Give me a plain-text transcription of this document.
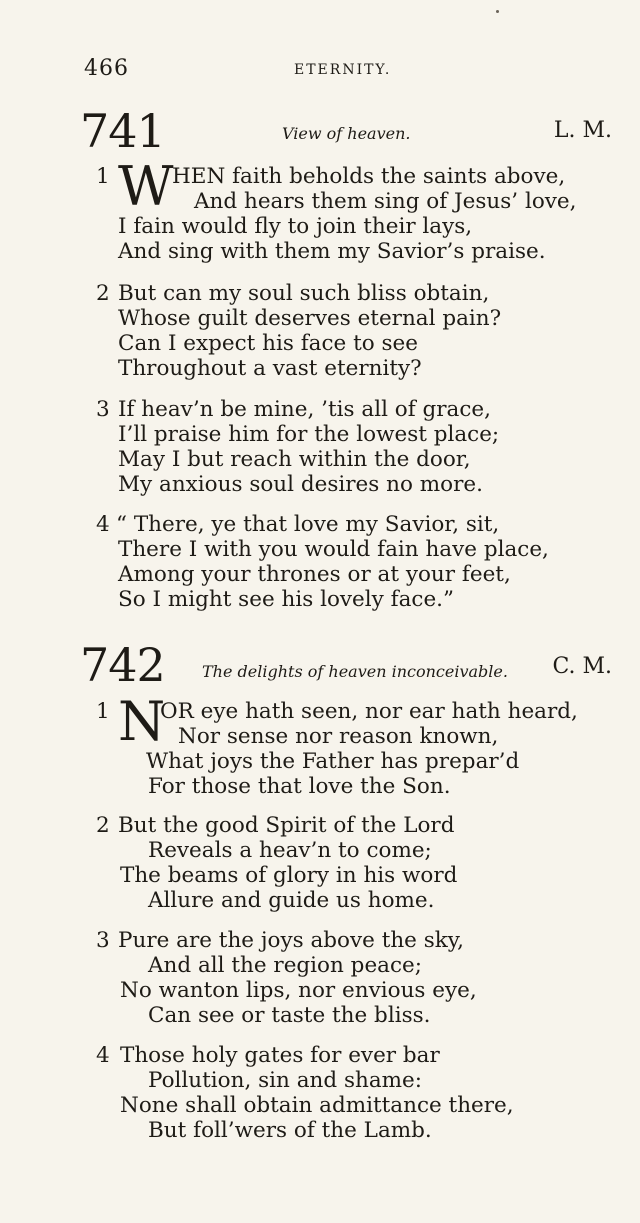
466	ETERNITY.
741	View of heaven.	L. M.
1 W
HEN faith beholds the saints above,
And hears them sing of Jesus’ love,
I fain would fly to join their lays,
And sing with them my Savior’s praise.
2 But can my soul such bliss obtain,
Whose guilt deserves eternal pain?
Can I expect his face to see
Throughout a vast eternity?
3 If heav’n be mine, ’tis all of grace,
I’ll praise him for the lowest place;
May I but reach within the door,
My anxious soul desires no more.
4 “ There, ye that love my Savior, sit,
There I with you would fain have place,
Among your thrones or at your feet,
So I might see his lovely face.”
742 The delights of heaven inconceivable. C. M.
1 N
OR eye hath seen, nor ear hath heard,
Nor sense nor reason known,
What joys the Father has prepar’d
For those that love the Son.
2 But the good Spirit of the Lord
Reveals a heav’n to come;
The beams of glory in his word
Allure and guide us home.
3 Pure are the joys above the sky,
And all the region peace;
No wanton lips, nor envious eye,
Can see or taste the bliss.
4 Those holy gates for ever bar
Pollution, sin and shame:
None shall obtain admittance there,
But foll’wers of the Lamb.
